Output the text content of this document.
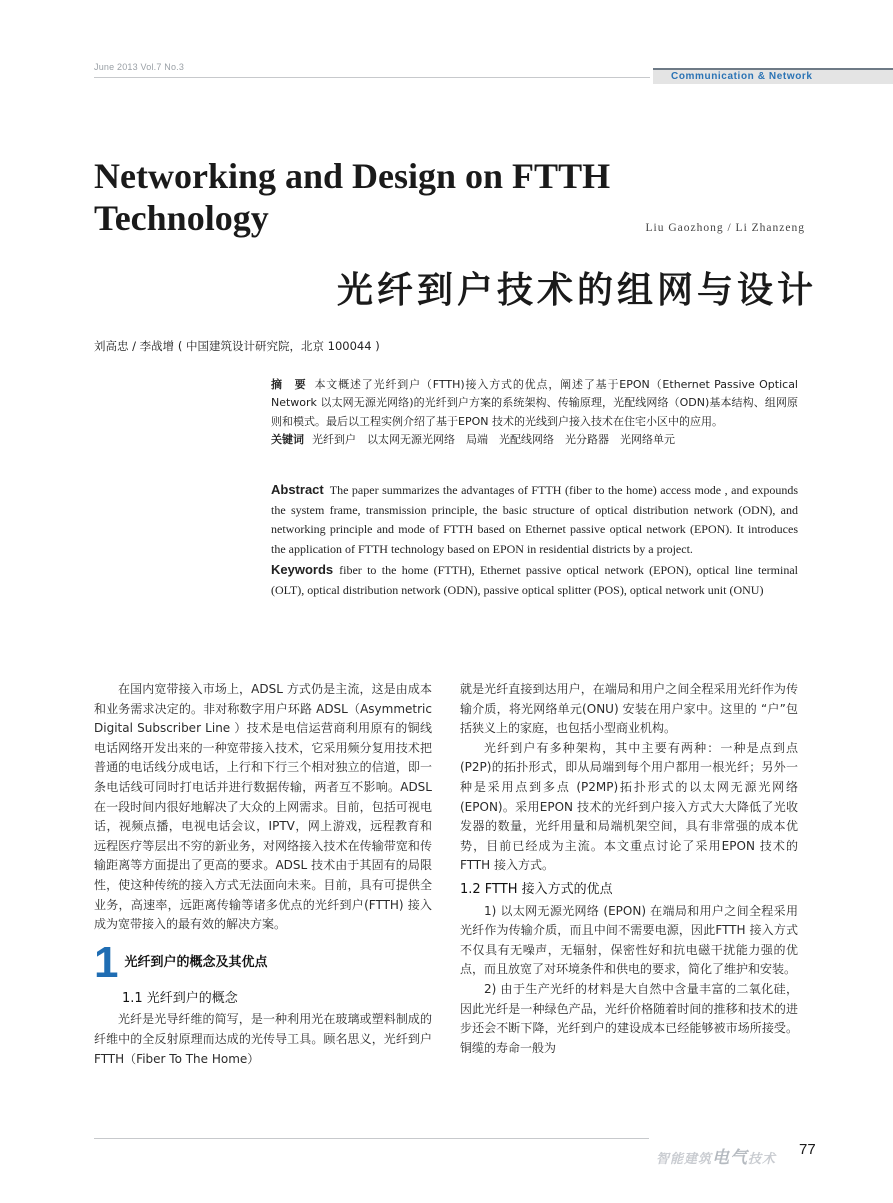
June 2013 Vol.7 No.3
Communication & Network
Networking and Design on FTTH Technology	Liu Gaozhong / Li Zhanzeng
光纤到户技术的组网与设计
刘高忠 / 李战增 ( 中国建筑设计研究院，北京 100044 )

摘　要 本文概述了光纤到户（FTTH)接入方式的优点，阐述了基于EPON（Ethernet Passive Optical Network 以太网无源光网络)的光纤到户方案的系统架构、传输原理，光配线网络（ODN)基本结构、组网原则和模式。最后以工程实例介绍了基于EPON 技术的光线到户接入技术在住宅小区中的应用。

关键词 光纤到户　以太网无源光网络　局端　光配线网络　光分路器　光网络单元

Abstract The paper summarizes the advantages of FTTH (fiber to the home) access mode , and expounds the system frame, transmission principle, the basic structure of optical distribution network (ODN), and networking principle and mode of FTTH based on Ethernet passive optical network (EPON). It introduces the application of FTTH technology based on EPON in residential districts by a project.

Keywords fiber to the home (FTTH), Ethernet passive optical network (EPON), optical line terminal (OLT), optical distribution network (ODN), passive optical splitter (POS), optical network unit (ONU)

在国内宽带接入市场上，ADSL 方式仍是主流，这是由成本和业务需求决定的。非对称数字用户环路 ADSL（Asymmetric Digital Subscriber Line ）技术是电信运营商利用原有的铜线电话网络开发出来的一种宽带接入技术，它采用频分复用技术把普通的电话线分成电话，上行和下行三个相对独立的信道，即一条电话线可同时打电话并进行数据传输，两者互不影响。ADSL 在一段时间内很好地解决了大众的上网需求。目前，包括可视电话，视频点播，电视电话会议，IPTV，网上游戏，远程教育和远程医疗等层出不穷的新业务，对网络接入技术在传输带宽和传输距离等方面提出了更高的要求。ADSL 技术由于其固有的局限性，使这种传统的接入方式无法面向未来。目前，具有可提供全业务，高速率，远距离传输等诸多优点的光纤到户(FTTH) 接入成为宽带接入的最有效的解决方案。

1 光纤到户的概念及其优点
1.1 光纤到户的概念

光纤是光导纤维的简写，是一种利用光在玻璃或塑料制成的纤维中的全反射原理而达成的光传导工具。顾名思义，光纤到户FTTH（Fiber To The Home）

就是光纤直接到达用户，在端局和用户之间全程采用光纤作为传输介质，将光网络单元(ONU) 安装在用户家中。这里的 “户”包括狭义上的家庭，也包括小型商业机构。

光纤到户有多种架构，其中主要有两种：一种是点到点 (P2P)的拓扑形式，即从局端到每个用户都用一根光纤；另外一种是采用点到多点 (P2MP)拓扑形式的以太网无源光网络 (EPON)。采用EPON 技术的光纤到户接入方式大大降低了光收发器的数量，光纤用量和局端机架空间，具有非常强的成本优势，目前已经成为主流。本文重点讨论了采用EPON 技术的FTTH 接入方式。

1.2 FTTH 接入方式的优点

1) 以太网无源光网络 (EPON) 在端局和用户之间全程采用光纤作为传输介质，而且中间不需要电源，因此FTTH 接入方式不仅具有无噪声，无辐射，保密性好和抗电磁干扰能力强的优点，而且放宽了对环境条件和供电的要求，简化了维护和安装。

2) 由于生产光纤的材料是大自然中含量丰富的二氧化硅，因此光纤是一种绿色产品，光纤价格随着时间的推移和技术的进步还会不断下降，光纤到户的建设成本已经能够被市场所接受。铜缆的寿命一般为

智能建筑电气技术
77
